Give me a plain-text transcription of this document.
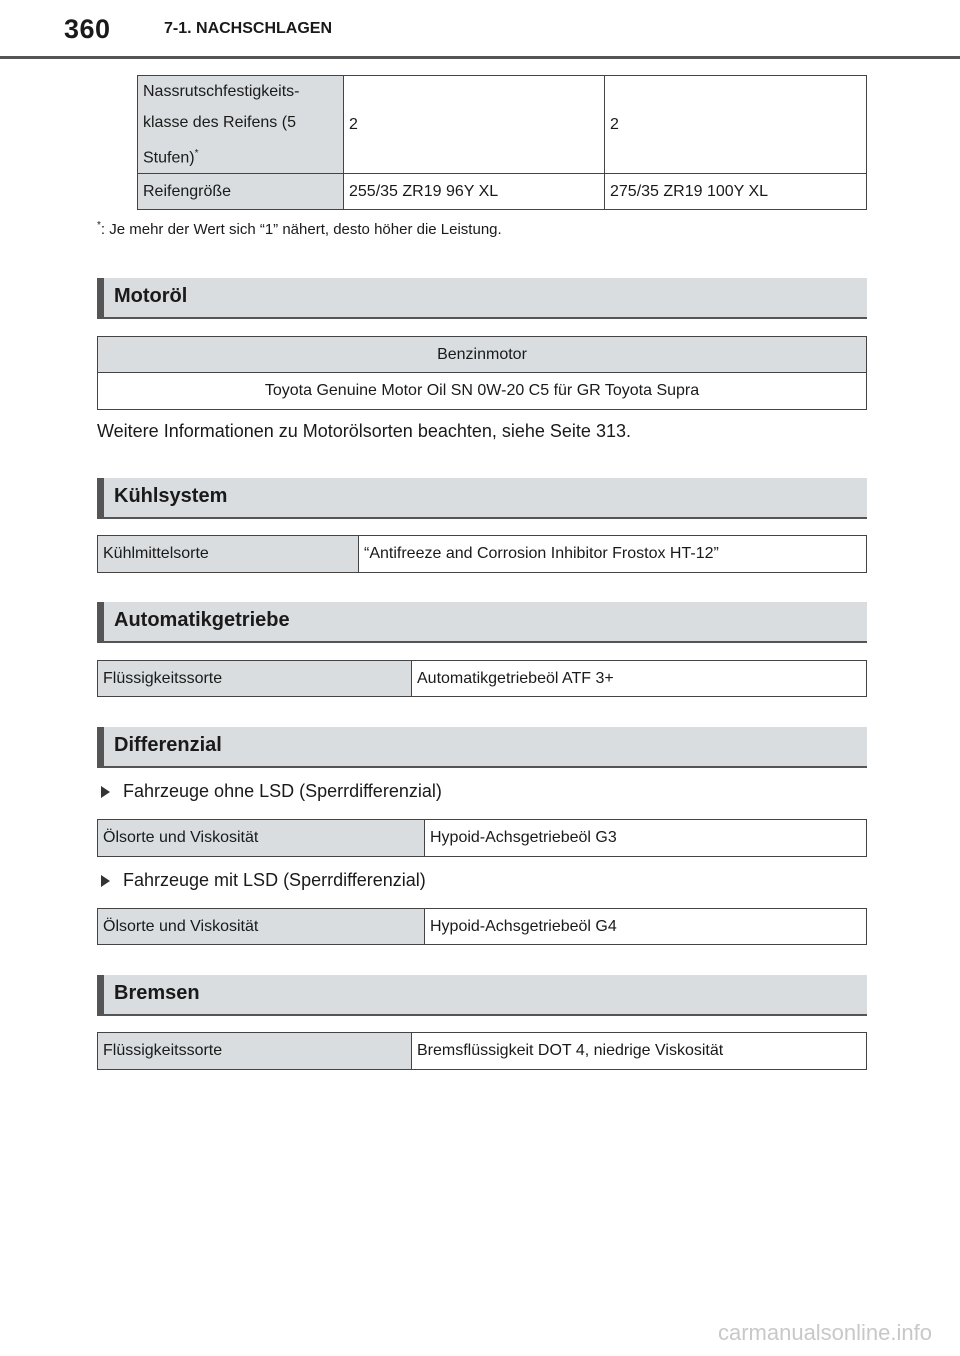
360	7-1. NACHSCHLAGEN
Nassrutschfestigkeits-
klasse des Reifens (5
Stufen)*	2	2
Reifengröße	255/35 ZR19 96Y XL	275/35 ZR19 100Y XL
*: Je mehr der Wert sich “1” nähert, desto höher die Leistung.
Motoröl
Benzinmotor
Toyota Genuine Motor Oil SN 0W-20 C5 für GR Toyota Supra
Weitere Informationen zu Motorölsorten beachten, siehe Seite 313.
Kühlsystem
Kühlmittelsorte	“Antifreeze and Corrosion Inhibitor Frostox HT-12”
Automatikgetriebe
Flüssigkeitssorte	Automatikgetriebeöl ATF 3+
Differenzial
Fahrzeuge ohne LSD (Sperrdifferenzial)
Ölsorte und Viskosität	Hypoid-Achsgetriebeöl G3
Fahrzeuge mit LSD (Sperrdifferenzial)
Ölsorte und Viskosität	Hypoid-Achsgetriebeöl G4
Bremsen
Flüssigkeitssorte	Bremsflüssigkeit DOT 4, niedrige Viskosität
carmanualsonline.info
